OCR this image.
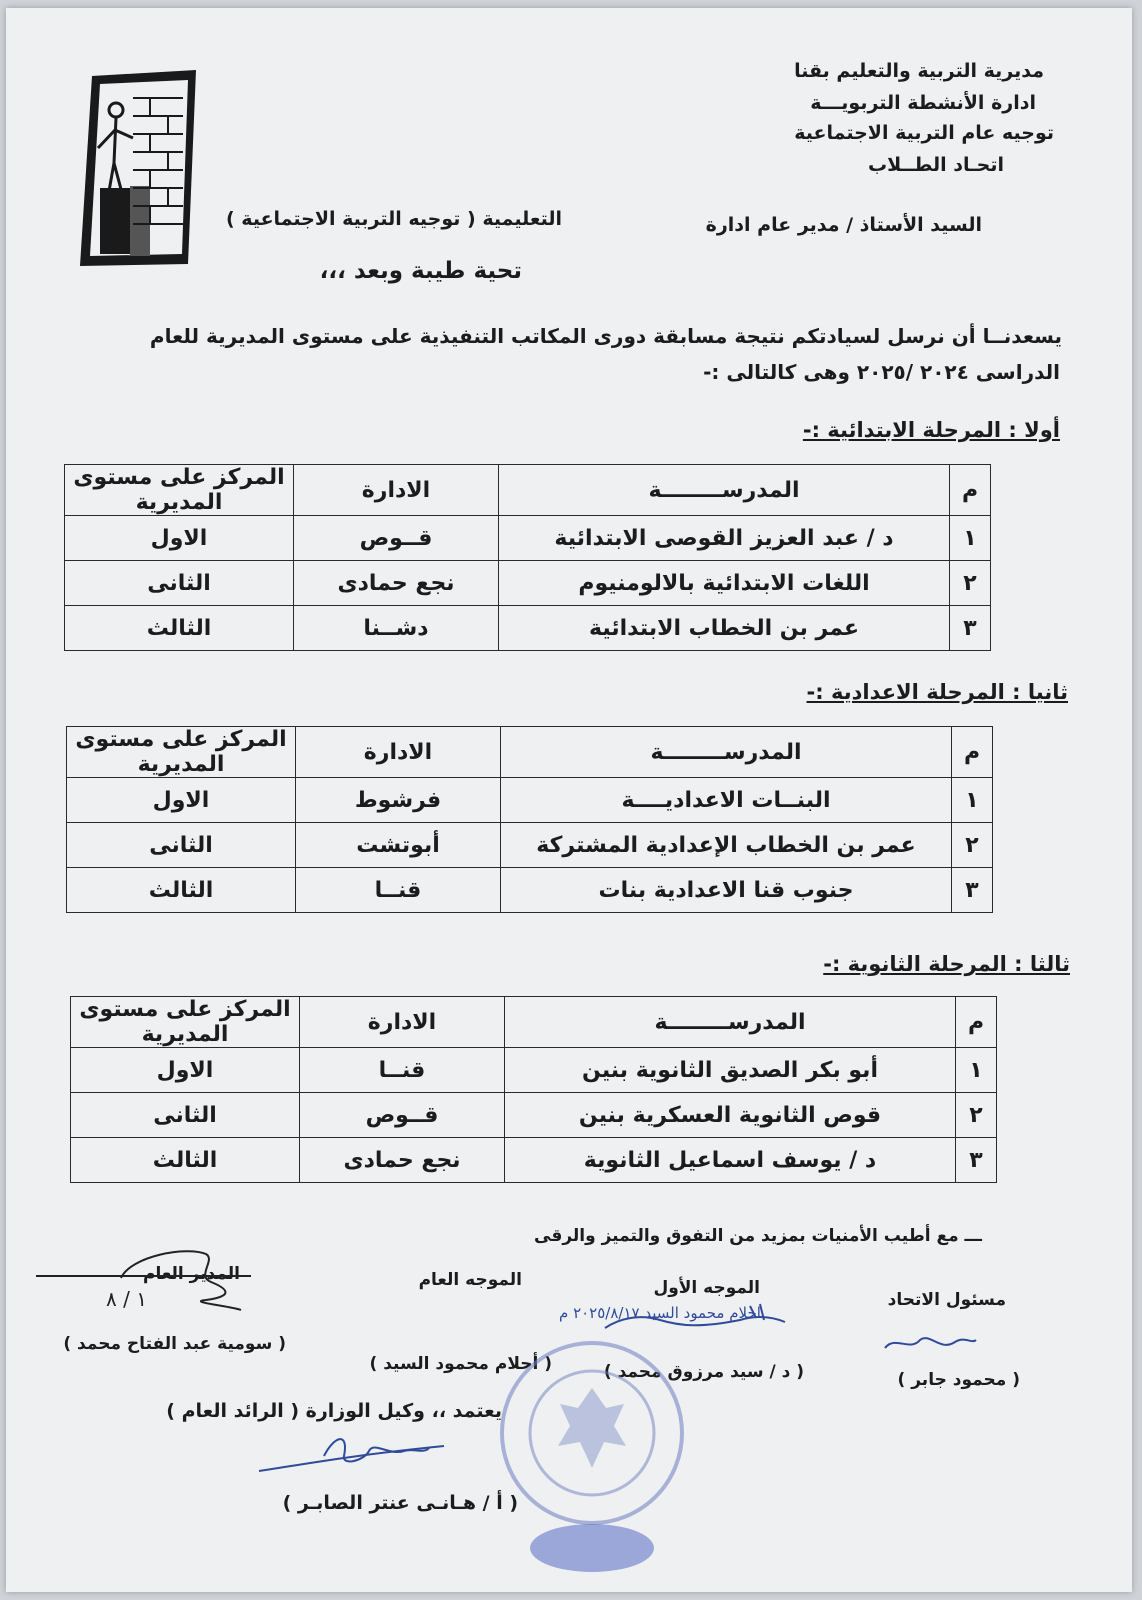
مديرية التربية والتعليم بقنا
ادارة الأنشطة التربويـــة
توجيه عام التربية الاجتماعية
اتحـاد الطــلاب
السيد الأستاذ / مدير عام ادارة
التعليمية ( توجيه التربية الاجتماعية )
تحية طيبة وبعد ،،،
يسعدنــا أن نرسل لسيادتكم نتيجة مسابقة دورى المكاتب التنفيذية على مستوى المديرية للعام
الدراسى ٢٠٢٤ /٢٠٢٥ وهى كالتالى :-
أولا : المرحلة الابتدائية :-
م	المدرســــــــة	الادارة	المركز على مستوى المديرية
١	د / عبد العزيز القوصى الابتدائية	قــوص	الاول
٢	اللغات الابتدائية بالالومنيوم	نجع حمادى	الثانى
٣	عمر بن الخطاب الابتدائية	دشــنا	الثالث
ثانيا : المرحلة الاعدادية :-
م	المدرســــــــة	الادارة	المركز على مستوى المديرية
١	البنــات الاعداديــــة	فرشوط	الاول
٢	عمر بن الخطاب الإعدادية المشتركة	أبوتشت	الثانى
٣	جنوب قنا الاعدادية بنات	قنــا	الثالث
ثالثا : المرحلة الثانوية :-
م	المدرســــــــة	الادارة	المركز على مستوى المديرية
١	أبو بكر الصديق الثانوية بنين	قنــا	الاول
٢	قوص الثانوية العسكرية بنين	قــوص	الثانى
٣	د / يوسف اسماعيل الثانوية	نجع حمادى	الثالث
ـــ مع أطيب الأمنيات بمزيد من التفوق والتميز والرقى
مسئول الاتحاد
الموجه الأول
الموجه العام
المدير العام
١ / ٨
احلام محمود السيد ٢٠٢٥/٨/١٧ م
( محمود جابر )
( د / سيد مرزوق محمد )
( أحلام محمود السيد )
( سومية عبد الفتاح محمد )
يعتمد ،، وكيل الوزارة ( الرائد العام )
( أ / هـانـى عنتر الصابـر )
